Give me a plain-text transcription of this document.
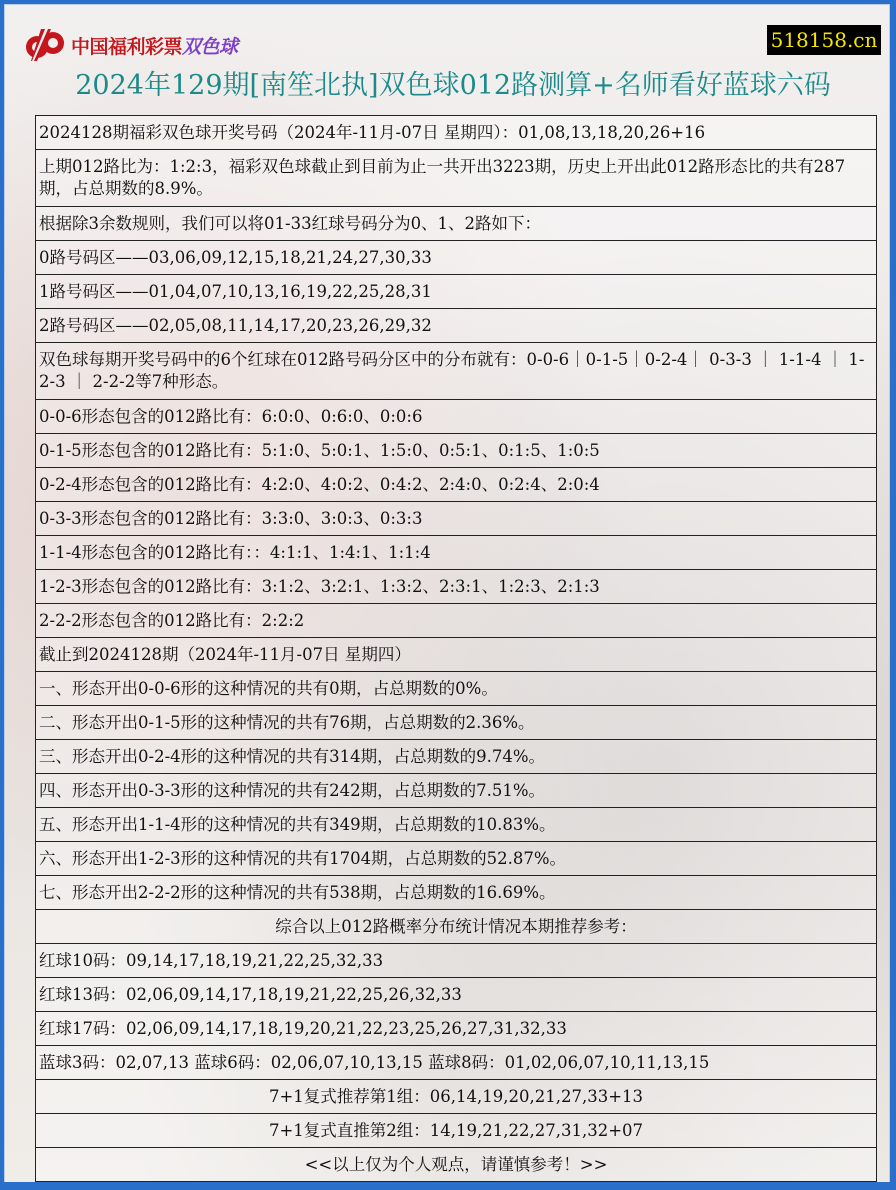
中国福利彩票双色球	518158.cn
2024年129期[南笙北执]双色球012路测算+名师看好蓝球六码
2024128期福彩双色球开奖号码（2024年-11月-07日 星期四）：01,08,13,18,20,26+16
上期012路比为：1:2:3，福彩双色球截止到目前为止一共开出3223期，历史上开出此012路形态比的共有287期，占总期数的8.9%。
根据除3余数规则，我们可以将01-33红球号码分为0、1、2路如下：
0路号码区——03,06,09,12,15,18,21,24,27,30,33
1路号码区——01,04,07,10,13,16,19,22,25,28,31
2路号码区——02,05,08,11,14,17,20,23,26,29,32
双色球每期开奖号码中的6个红球在012路号码分区中的分布就有：0-0-6｜0-1-5｜0-2-4｜ 0-3-3 ｜ 1-1-4 ｜ 1-2-3 ｜ 2-2-2等7种形态。
0-0-6形态包含的012路比有：6:0:0、0:6:0、0:0:6
0-1-5形态包含的012路比有：5:1:0、5:0:1、1:5:0、0:5:1、0:1:5、1:0:5
0-2-4形态包含的012路比有：4:2:0、4:0:2、0:4:2、2:4:0、0:2:4、2:0:4
0-3-3形态包含的012路比有：3:3:0、3:0:3、0:3:3
1-1-4形态包含的012路比有：：4:1:1、1:4:1、1:1:4
1-2-3形态包含的012路比有：3:1:2、3:2:1、1:3:2、2:3:1、1:2:3、2:1:3
2-2-2形态包含的012路比有：2:2:2
截止到2024128期（2024年-11月-07日 星期四）
一、形态开出0-0-6形的这种情况的共有0期，占总期数的0%。
二、形态开出0-1-5形的这种情况的共有76期，占总期数的2.36%。
三、形态开出0-2-4形的这种情况的共有314期，占总期数的9.74%。
四、形态开出0-3-3形的这种情况的共有242期，占总期数的7.51%。
五、形态开出1-1-4形的这种情况的共有349期，占总期数的10.83%。
六、形态开出1-2-3形的这种情况的共有1704期，占总期数的52.87%。
七、形态开出2-2-2形的这种情况的共有538期，占总期数的16.69%。
综合以上012路概率分布统计情况本期推荐参考：
红球10码：09,14,17,18,19,21,22,25,32,33
红球13码：02,06,09,14,17,18,19,21,22,25,26,32,33
红球17码：02,06,09,14,17,18,19,20,21,22,23,25,26,27,31,32,33
蓝球3码：02,07,13 蓝球6码：02,06,07,10,13,15 蓝球8码：01,02,06,07,10,11,13,15
7+1复式推荐第1组：06,14,19,20,21,27,33+13
7+1复式直推第2组：14,19,21,22,27,31,32+07
<<以上仅为个人观点，请谨慎参考！>>
